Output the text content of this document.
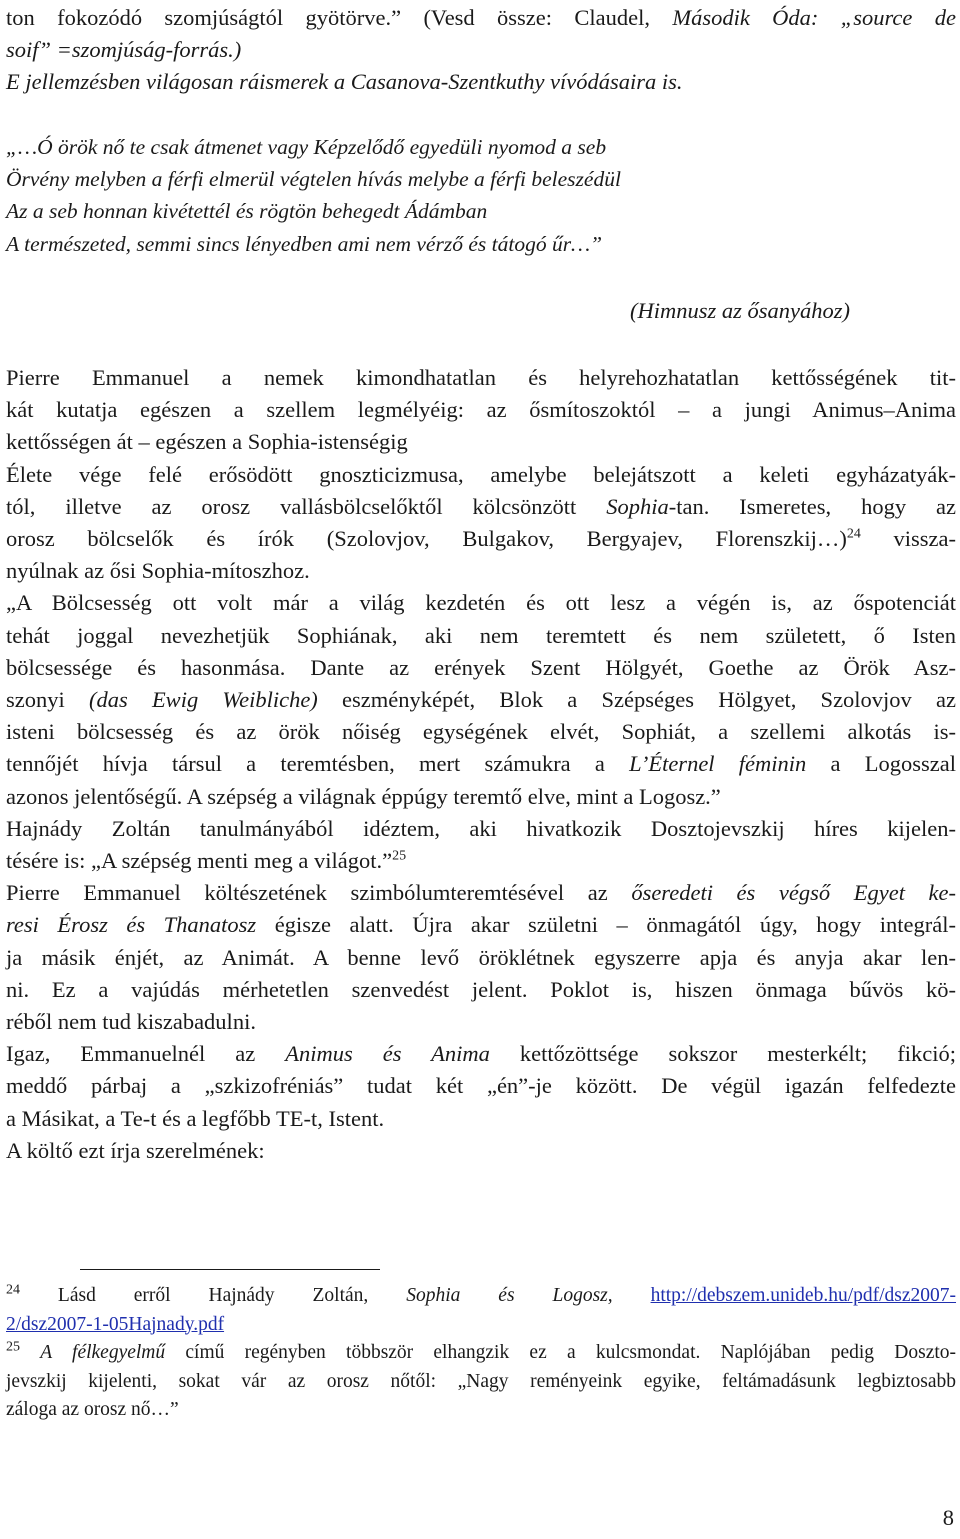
ton fokozódó szomjúságtól gyötörve.” (Vesd össze: Claudel, Második Óda: „source de
soif” =szomjúság-forrás.)
E jellemzésben világosan ráismerek a Casanova-Szentkuthy vívódásaira is.
„…Ó örök nő te csak átmenet vagy Képzelődő egyedüli nyomod a seb
Örvény melyben a férfi elmerül végtelen hívás melybe a férfi beleszédül
Az a seb honnan kivétettél és rögtön behegedt Ádámban
A természeted, semmi sincs lényedben ami nem vérző és tátogó űr…”
(Himnusz az ősanyához)
Pierre Emmanuel a nemek kimondhatatlan és helyrehozhatatlan kettősségének tit-
kát kutatja egészen a szellem legmélyéig: az ősmítoszoktól – a jungi Animus–Anima
kettősségen át – egészen a Sophia-istenségig
Élete vége felé erősödött gnoszticizmusa, amelybe belejátszott a keleti egyházatyák-
tól, illetve az orosz vallásbölcselőktől kölcsönzött Sophia-tan. Ismeretes, hogy az
orosz bölcselők és írók (Szolovjov, Bulgakov, Bergyajev, Florenszkij…)$^{24}$ vissza-
nyúlnak az ősi Sophia-mítoszhoz.
„A Bölcsesség ott volt már a világ kezdetén és ott lesz a végén is, az őspotenciát
tehát joggal nevezhetjük Sophiának, aki nem teremtett és nem született, ő Isten
bölcsessége és hasonmása. Dante az erények Szent Hölgyét, Goethe az Örök Asz-
szonyi (das Ewig Weibliche) eszményképét, Blok a Szépséges Hölgyet, Szolovjov az
isteni bölcsesség és az örök nőiség egységének elvét, Sophiát, a szellemi alkotás is-
tennőjét hívja társul a teremtésben, mert számukra a L’Éternel féminin a Logosszal
azonos jelentőségű. A szépség a világnak éppúgy teremtő elve, mint a Logosz.”
Hajnády Zoltán tanulmányából idéztem, aki hivatkozik Dosztojevszkij híres kijelen-
tésére is: „A szépség menti meg a világot.”$^{25}$
Pierre Emmanuel költészetének szimbólumteremtésével az őseredeti és végső Egyet ke-
resi Érosz és Thanatosz égisze alatt. Újra akar születni – önmagától úgy, hogy integrál-
ja másik énjét, az Animát. A benne levő öröklétnek egyszerre apja és anyja akar len-
ni. Ez a vajúdás mérhetetlen szenvedést jelent. Poklot is, hiszen önmaga bűvös kö-
réből nem tud kiszabadulni.
Igaz, Emmanuelnél az Animus és Anima kettőzöttsége sokszor mesterkélt; fikció;
meddő párbaj a „szkizofréniás” tudat két „én”-je között. De végül igazán felfedezte
a Másikat, a Te-t és a legfőbb TE-t, Istent.
A költő ezt írja szerelmének:
$^{24}$ Lásd erről Hajnády Zoltán, Sophia és Logosz, http://debszem.unideb.hu/pdf/dsz2007-
2/dsz2007-1-05Hajnady.pdf
$^{25}$ A félkegyelmű című regényben többször elhangzik ez a kulcsmondat. Naplójában pedig Doszto-
jevszkij kijelenti, sokat vár az orosz nőtől: „Nagy reményeink egyike, feltámadásunk legbiztosabb
záloga az orosz nő…”
8
